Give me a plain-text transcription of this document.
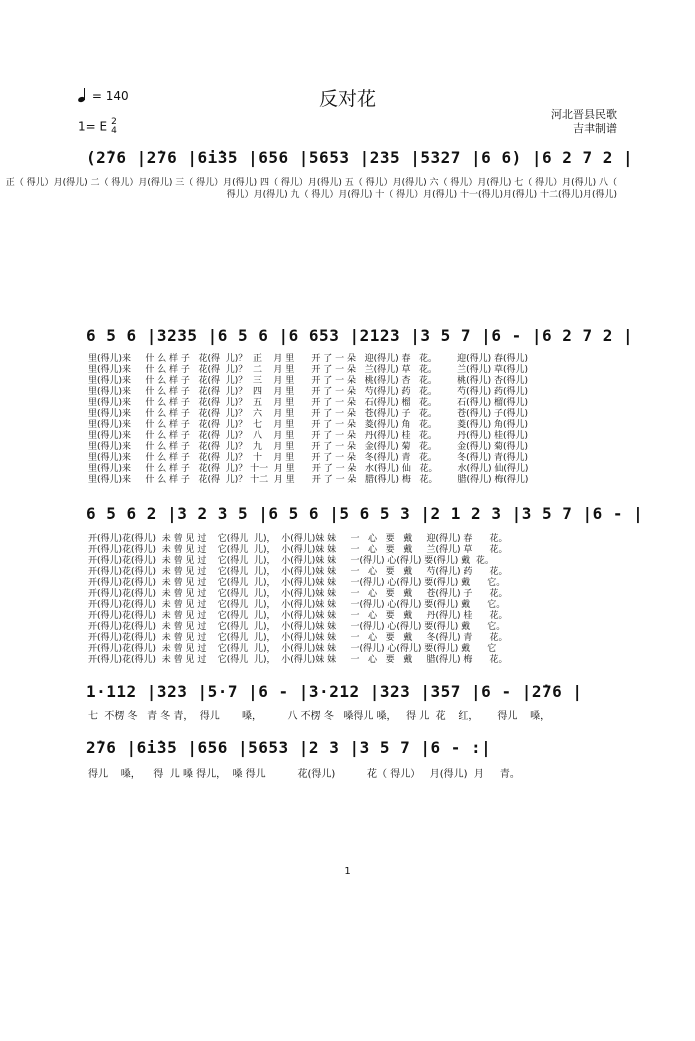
= 140	反对花
1= E 2
4
河北晋县民歌
吉聿制谱
(2̇76 |2̇76 |6i̇35 |656 |5653 |235 |5327 |6 6) |6 2 7 2 |
正（ 得儿）月(得儿) 二（ 得儿）月(得儿) 三（ 得儿）月(得儿) 四（ 得儿）月(得儿) 五（ 得儿）月(得儿) 六（ 得儿）月(得儿) 七（ 得儿）月(得儿) 八（ 得儿）月(得儿) 九（ 得儿）月(得儿) 十（ 得儿）月(得儿) 十一(得儿)月(得儿) 十二(得儿)月(得儿)
6 5 6 |3235 |6 5 6 |6 653 |2123 |3 5 7 |6 - |6 2 7 2 |
里(得儿)来     什 么 样 子   花(得  儿)？  正    月 里      开 了 一 朵   迎(得儿) 春   花。       迎(得儿) 春(得儿)
里(得儿)来     什 么 样 子   花(得  儿)？  二    月 里      开 了 一 朵   兰(得儿) 草   花。       兰(得儿) 草(得儿)
里(得儿)来     什 么 样 子   花(得  儿)？  三    月 里      开 了 一 朵   桃(得儿) 杏   花。       桃(得儿) 杏(得儿)
里(得儿)来     什 么 样 子   花(得  儿)？  四    月 里      开 了 一 朵   芍(得儿) 药   花。       芍(得儿) 药(得儿)
里(得儿)来     什 么 样 子   花(得  儿)？  五    月 里      开 了 一 朵   石(得儿) 榴   花。       石(得儿) 榴(得儿)
里(得儿)来     什 么 样 子   花(得  儿)？  六    月 里      开 了 一 朵   苍(得儿) 子   花。       苍(得儿) 子(得儿)
里(得儿)来     什 么 样 子   花(得  儿)？  七    月 里      开 了 一 朵   菱(得儿) 角   花。       菱(得儿) 角(得儿)
里(得儿)来     什 么 样 子   花(得  儿)？  八    月 里      开 了 一 朵   丹(得儿) 桂   花。       丹(得儿) 桂(得儿)
里(得儿)来     什 么 样 子   花(得  儿)？  九    月 里      开 了 一 朵   金(得儿) 菊   花。       金(得儿) 菊(得儿)
里(得儿)来     什 么 样 子   花(得  儿)？  十    月 里      开 了 一 朵   冬(得儿) 青   花。       冬(得儿) 青(得儿)
里(得儿)来     什 么 样 子   花(得  儿)？ 十一  月 里      开 了 一 朵   水(得儿) 仙   花。       水(得儿) 仙(得儿)
里(得儿)来     什 么 样 子   花(得  儿)？ 十二  月 里      开 了 一 朵   腊(得儿) 梅   花。       腊(得儿) 梅(得儿)
6 5 6 2 |3 2 3 5 |6 5 6 |5 6 5 3 |2 1 2 3 |3 5 7 |6 - |
开(得儿)花(得儿)  未 曾 见 过    它(得儿  儿)，  小(得儿)妹 妹     一   心   要   戴     迎(得儿) 春      花。
开(得儿)花(得儿)  未 曾 见 过    它(得儿  儿)，  小(得儿)妹 妹     一   心   要   戴     兰(得儿) 草      花。
开(得儿)花(得儿)  未 曾 见 过    它(得儿  儿)，  小(得儿)妹 妹     一(得儿) 心(得儿) 要(得儿) 戴  花。
开(得儿)花(得儿)  未 曾 见 过    它(得儿  儿)，  小(得儿)妹 妹     一   心   要   戴     芍(得儿) 药      花。
开(得儿)花(得儿)  未 曾 见 过    它(得儿  儿)，  小(得儿)妹 妹     一(得儿) 心(得儿) 要(得儿) 戴      它。
开(得儿)花(得儿)  未 曾 见 过    它(得儿  儿)，  小(得儿)妹 妹     一   心   要   戴     苍(得儿) 子      花。
开(得儿)花(得儿)  未 曾 见 过    它(得儿  儿)，  小(得儿)妹 妹     一(得儿) 心(得儿) 要(得儿) 戴      它。
开(得儿)花(得儿)  未 曾 见 过    它(得儿  儿)，  小(得儿)妹 妹     一   心   要   戴     丹(得儿) 桂      花。
开(得儿)花(得儿)  未 曾 见 过    它(得儿  儿)，  小(得儿)妹 妹     一(得儿) 心(得儿) 要(得儿) 戴      它。
开(得儿)花(得儿)  未 曾 见 过    它(得儿  儿)，  小(得儿)妹 妹     一   心   要   戴     冬(得儿) 青      花。
开(得儿)花(得儿)  未 曾 见 过    它(得儿  儿)，  小(得儿)妹 妹     一(得儿) 心(得儿) 要(得儿) 戴      它
开(得儿)花(得儿)  未 曾 见 过    它(得儿  儿)，  小(得儿)妹 妹     一   心   要   戴     腊(得儿) 梅      花。
1·112 |323 |5·7 |6 - |3·212 |323 |357 |6 - |2̇76 |
七  不楞 冬   青 冬 青，  得儿       嗓，        八 不楞 冬   嗓得儿 嗓，   得 儿  花    红，      得儿    嗓，
2̇76 |6i̇35 |656 |5653 |2 3 |3 5 7 |6 - :|
得儿    嗓，    得  儿 嗓 得儿，  嗓 得儿          花(得儿)          花（ 得儿）   月(得儿)  月     青。
1
